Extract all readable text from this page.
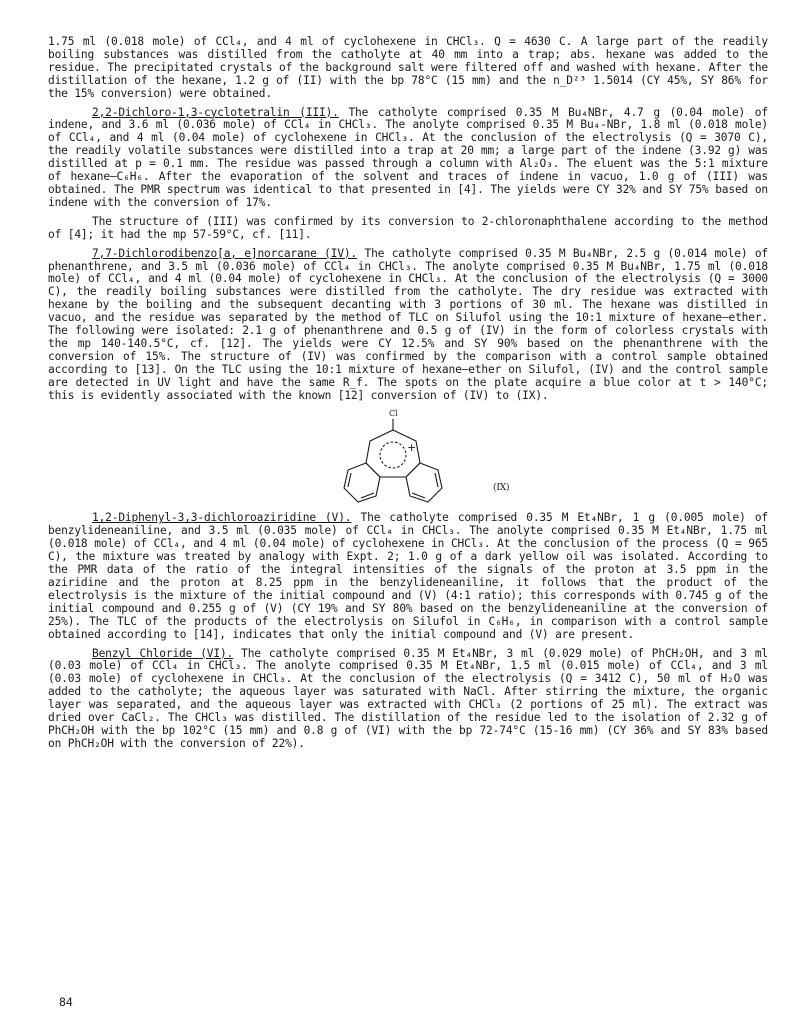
1.75 ml (0.018 mole) of CCl₄, and 4 ml of cyclohexene in CHCl₃. Q = 4630 C. A large part of the readily boiling substances was distilled from the catholyte at 40 mm into a trap; abs. hexane was added to the residue. The precipitated crystals of the background salt were filtered off and washed with hexane. After the distillation of the hexane, 1.2 g of (II) with the bp 78°C (15 mm) and the n_D²³ 1.5014 (CY 45%, SY 86% for the 15% conversion) were obtained.

2,2-Dichloro-1,3-cyclotetralin (III). The catholyte comprised 0.35 M Bu₄NBr, 4.7 g (0.04 mole) of indene, and 3.6 ml (0.036 mole) of CCl₄ in CHCl₃. The anolyte comprised 0.35 M Bu₄-NBr, 1.8 ml (0.018 mole) of CCl₄, and 4 ml (0.04 mole) of cyclohexene in CHCl₃. At the conclusion of the electrolysis (Q = 3070 C), the readily volatile substances were distilled into a trap at 20 mm; a large part of the indene (3.92 g) was distilled at p = 0.1 mm. The residue was passed through a column with Al₂O₃. The eluent was the 5:1 mixture of hexane–C₆H₆. After the evaporation of the solvent and traces of indene in vacuo, 1.0 g of (III) was obtained. The PMR spectrum was identical to that presented in [4]. The yields were CY 32% and SY 75% based on indene with the conversion of 17%.

The structure of (III) was confirmed by its conversion to 2-chloronaphthalene according to the method of [4]; it had the mp 57-59°C, cf. [11].

7,7-Dichlorodibenzo[a, e]norcarane (IV). The catholyte comprised 0.35 M Bu₄NBr, 2.5 g (0.014 mole) of phenanthrene, and 3.5 ml (0.036 mole) of CCl₄ in CHCl₃. The anolyte comprised 0.35 M Bu₄NBr, 1.75 ml (0.018 mole) of CCl₄, and 4 ml (0.04 mole) of cyclohexene in CHCl₃. At the conclusion of the electrolysis (Q = 3000 C), the readily boiling substances were distilled from the catholyte. The dry residue was extracted with hexane by the boiling and the subsequent decanting with 3 portions of 30 ml. The hexane was distilled in vacuo, and the residue was separated by the method of TLC on Silufol using the 10:1 mixture of hexane–ether. The following were isolated: 2.1 g of phenanthrene and 0.5 g of (IV) in the form of colorless crystals with the mp 140-140.5°C, cf. [12]. The yields were CY 12.5% and SY 90% based on the phenanthrene with the conversion of 15%. The structure of (IV) was confirmed by the comparison with a control sample obtained according to [13]. On the TLC using the 10:1 mixture of hexane–ether on Silufol, (IV) and the control sample are detected in UV light and have the same R_f. The spots on the plate acquire a blue color at t > 140°C; this is evidently associated with the known [12] conversion of (IV) to (IX).

Cl
+
(IX)

1,2-Diphenyl-3,3-dichloroaziridine (V). The catholyte comprised 0.35 M Et₄NBr, 1 g (0.005 mole) of benzylideneaniline, and 3.5 ml (0.035 mole) of CCl₄ in CHCl₃. The anolyte comprised 0.35 M Et₄NBr, 1.75 ml (0.018 mole) of CCl₄, and 4 ml (0.04 mole) of cyclohexene in CHCl₃. At the conclusion of the process (Q = 965 C), the mixture was treated by analogy with Expt. 2; 1.0 g of a dark yellow oil was isolated. According to the PMR data of the ratio of the integral intensities of the signals of the proton at 3.5 ppm in the aziridine and the proton at 8.25 ppm in the benzylideneaniline, it follows that the product of the electrolysis is the mixture of the initial compound and (V) (4:1 ratio); this corresponds with 0.745 g of the initial compound and 0.255 g of (V) (CY 19% and SY 80% based on the benzylideneaniline at the conversion of 25%). The TLC of the products of the electrolysis on Silufol in C₆H₆, in comparison with a control sample obtained according to [14], indicates that only the initial compound and (V) are present.

Benzyl Chloride (VI). The catholyte comprised 0.35 M Et₄NBr, 3 ml (0.029 mole) of PhCH₂OH, and 3 ml (0.03 mole) of CCl₄ in CHCl₃. The anolyte comprised 0.35 M Et₄NBr, 1.5 ml (0.015 mole) of CCl₄, and 3 ml (0.03 mole) of cyclohexene in CHCl₃. At the conclusion of the electrolysis (Q = 3412 C), 50 ml of H₂O was added to the catholyte; the aqueous layer was saturated with NaCl. After stirring the mixture, the organic layer was separated, and the aqueous layer was extracted with CHCl₃ (2 portions of 25 ml). The extract was dried over CaCl₂. The CHCl₃ was distilled. The distillation of the residue led to the isolation of 2.32 g of PhCH₂OH with the bp 102°C (15 mm) and 0.8 g of (VI) with the bp 72-74°C (15-16 mm) (CY 36% and SY 83% based on PhCH₂OH with the conversion of 22%).

84
